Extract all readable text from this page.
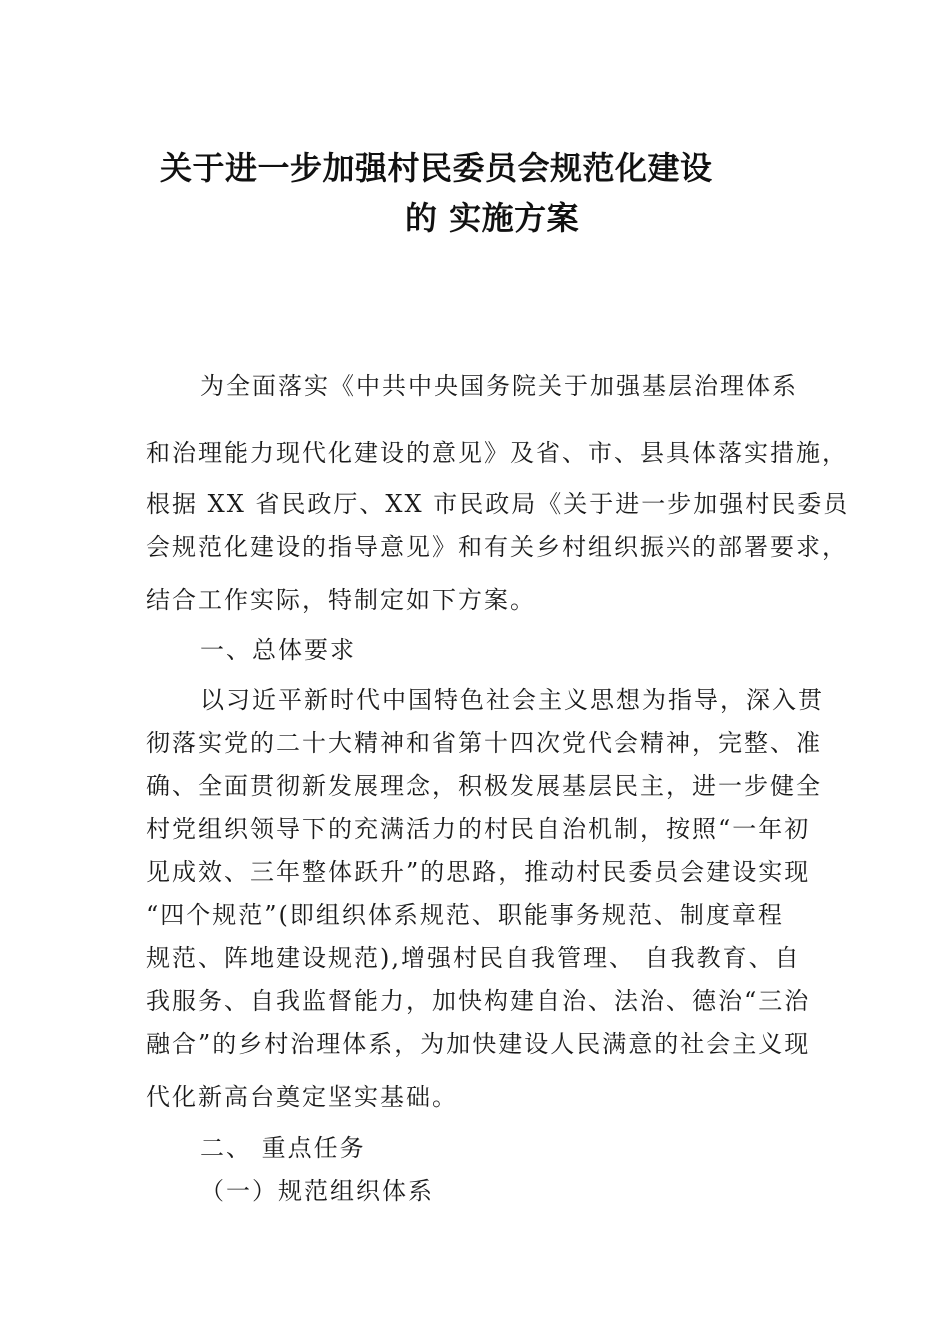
关于进一步加强村民委员会规范化建设
的 实施方案
为全面落实《中共中央国务院关于加强基层治理体系
和治理能力现代化建设的意见》及省、市、县具体落实措施，
根据 XX 省民政厅、XX 市民政局《关于进一步加强村民委员
会规范化建设的指导意见》和有关乡村组织振兴的部署要求，
结合工作实际，特制定如下方案。
一、总体要求
以习近平新时代中国特色社会主义思想为指导，深入贯
彻落实党的二十大精神和省第十四次党代会精神，完整、准
确、全面贯彻新发展理念，积极发展基层民主，进一步健全
村党组织领导下的充满活力的村民自治机制，按照“一年初
见成效、三年整体跃升”的思路，推动村民委员会建设实现
“四个规范”(即组织体系规范、职能事务规范、制度章程
规范、阵地建设规范),增强村民自我管理、 自我教育、自
我服务、自我监督能力，加快构建自治、法治、德治“三治
融合”的乡村治理体系，为加快建设人民满意的社会主义现
代化新高台奠定坚实基础。
二、 重点任务
（一）规范组织体系
